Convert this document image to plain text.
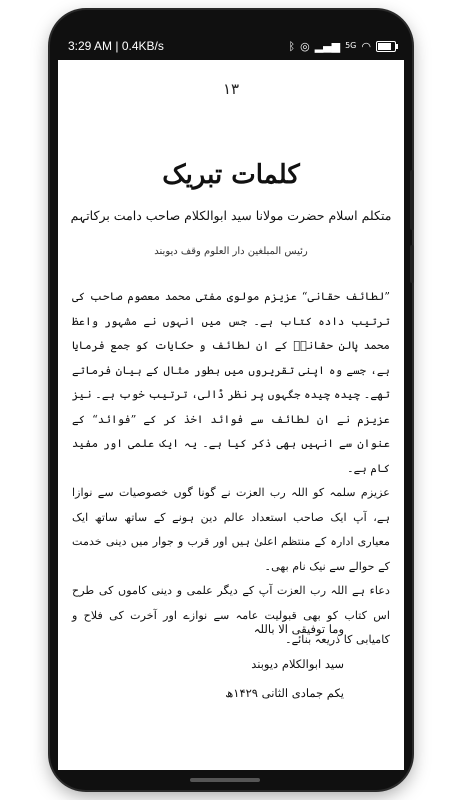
3:29 AM | 0.4KB/s	ᛒ ◎ ▂▄▆ 5G ◠
۱۳
کلمات تبریک
متکلم اسلام حضرت مولانا سید ابوالکلام صاحب دامت برکاتہم
رئیس المبلغین دار العلوم وقف دیوبند

”لطائف حقانی“ عزیزم مولوی مفتی محمد معصوم صاحب کی ترتیب دادہ کتاب ہے۔ جس میں انہوں نے مشہور واعظ محمد پالن حقانیؒ کے ان لطائف و حکایات کو جمع فرمایا ہے، جسے وہ اپنی تقریروں میں بطور مثال کے بیان فرماتے تھے۔ چیدہ چیدہ جگہوں پر نظر ڈالی، ترتیب خوب ہے۔ نیز عزیزم نے ان لطائف سے فوائد اخذ کر کے ”فوائد“ کے عنوان سے انہیں بھی ذکر کیا ہے۔ یہ ایک علمی اور مفید کام ہے۔

عزیزم سلمہ کو اللہ رب العزت نے گونا گوں خصوصیات سے نوازا ہے، آپ ایک صاحب استعداد عالم دین ہونے کے ساتھ ساتھ ایک معیاری ادارہ کے منتظم اعلیٰ ہیں اور قرب و جوار میں دینی خدمت کے حوالے سے نیک نام بھی۔

دعاء ہے اللہ رب العزت آپ کے دیگر علمی و دینی کاموں کی طرح اس کتاب کو بھی قبولیت عامہ سے نوازے اور آخرت کی فلاح و کامیابی کا ذریعہ بنائے۔

وما توفیقی الا باللہ
سید ابوالکلام دیوبند
یکم جمادی الثانی ۱۴۲۹ھ
